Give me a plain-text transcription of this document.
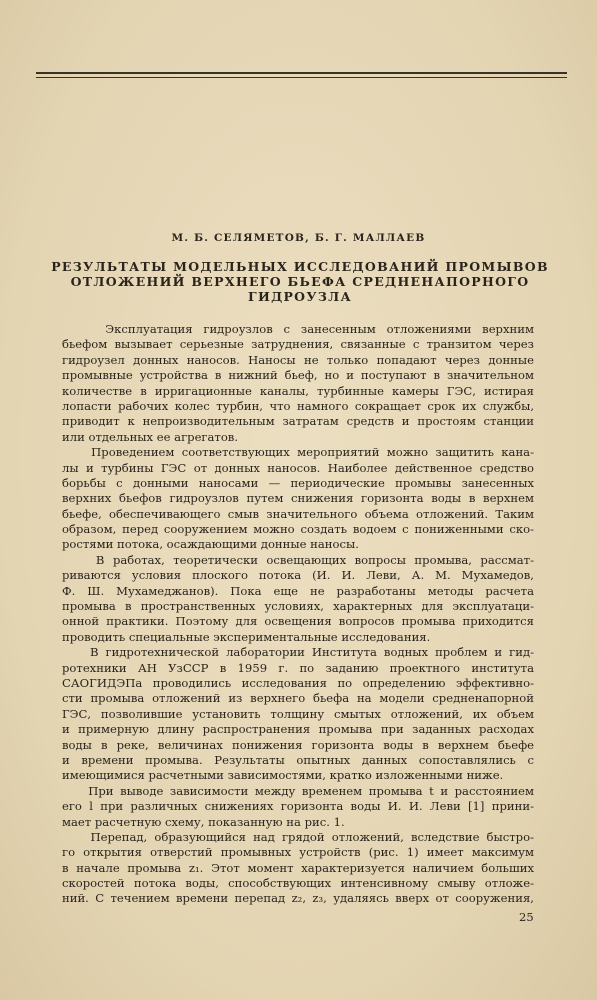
М. Б. СЕЛЯМЕТОВ, Б. Г. МАЛЛАЕВ
РЕЗУЛЬТАТЫ МОДЕЛЬНЫХ ИССЛЕДОВАНИЙ ПРОМЫВОВ
ОТЛОЖЕНИЙ ВЕРХНЕГО БЬЕФА СРЕДНЕНАПОРНОГО
ГИДРОУЗЛА
Эксплуатация гидроузлов с занесенным отложениями верхним
бьефом вызывает серьезные затруднения, связанные с транзитом через
гидроузел донных наносов. Наносы не только попадают через донные
промывные устройства в нижний бьеф, но и поступают в значительном
количестве в ирригационные каналы, турбинные камеры ГЭС, истирая
лопасти рабочих колес турбин, что намного сокращает срок их службы,
приводит к непроизводительным затратам средств и простоям станции
или отдельных ее агрегатов.
Проведением соответствующих мероприятий можно защитить кана-
лы и турбины ГЭС от донных наносов. Наиболее действенное средство
борьбы с донными наносами — периодические промывы занесенных
верхних бьефов гидроузлов путем снижения горизонта воды в верхнем
бьефе, обеспечивающего смыв значительного объема отложений. Таким
образом, перед сооружением можно создать водоем с пониженными ско-
ростями потока, осаждающими донные наносы.
В работах, теоретически освещающих вопросы промыва, рассмат-
риваются условия плоского потока (И. И. Леви, А. М. Мухамедов,
Ф. Ш. Мухамеджанов). Пока еще не разработаны методы расчета
промыва в пространственных условиях, характерных для эксплуатаци-
онной практики. Поэтому для освещения вопросов промыва приходится
проводить специальные экспериментальные исследования.
В гидротехнической лаборатории Института водных проблем и гид-
ротехники АН УзССР в 1959 г. по заданию проектного института
САОГИДЭПа проводились исследования по определению эффективно-
сти промыва отложений из верхнего бьефа на модели средненапорной
ГЭС, позволившие установить толщину смытых отложений, их объем
и примерную длину распространения промыва при заданных расходах
воды в реке, величинах понижения горизонта воды в верхнем бьефе
и времени промыва. Результаты опытных данных сопоставлялись с
имеющимися расчетными зависимостями, кратко изложенными ниже.
При выводе зависимости между временем промыва t и расстоянием
его l при различных снижениях горизонта воды И. И. Леви [1] прини-
мает расчетную схему, показанную на рис. 1.
Перепад, образующийся над грядой отложений, вследствие быстро-
го открытия отверстий промывных устройств (рис. 1) имеет максимум
в начале промыва z₁. Этот момент характеризуется наличием больших
скоростей потока воды, способствующих интенсивному смыву отложе-
ний. С течением времени перепад z₂, z₃, удаляясь вверх от сооружения,
25
